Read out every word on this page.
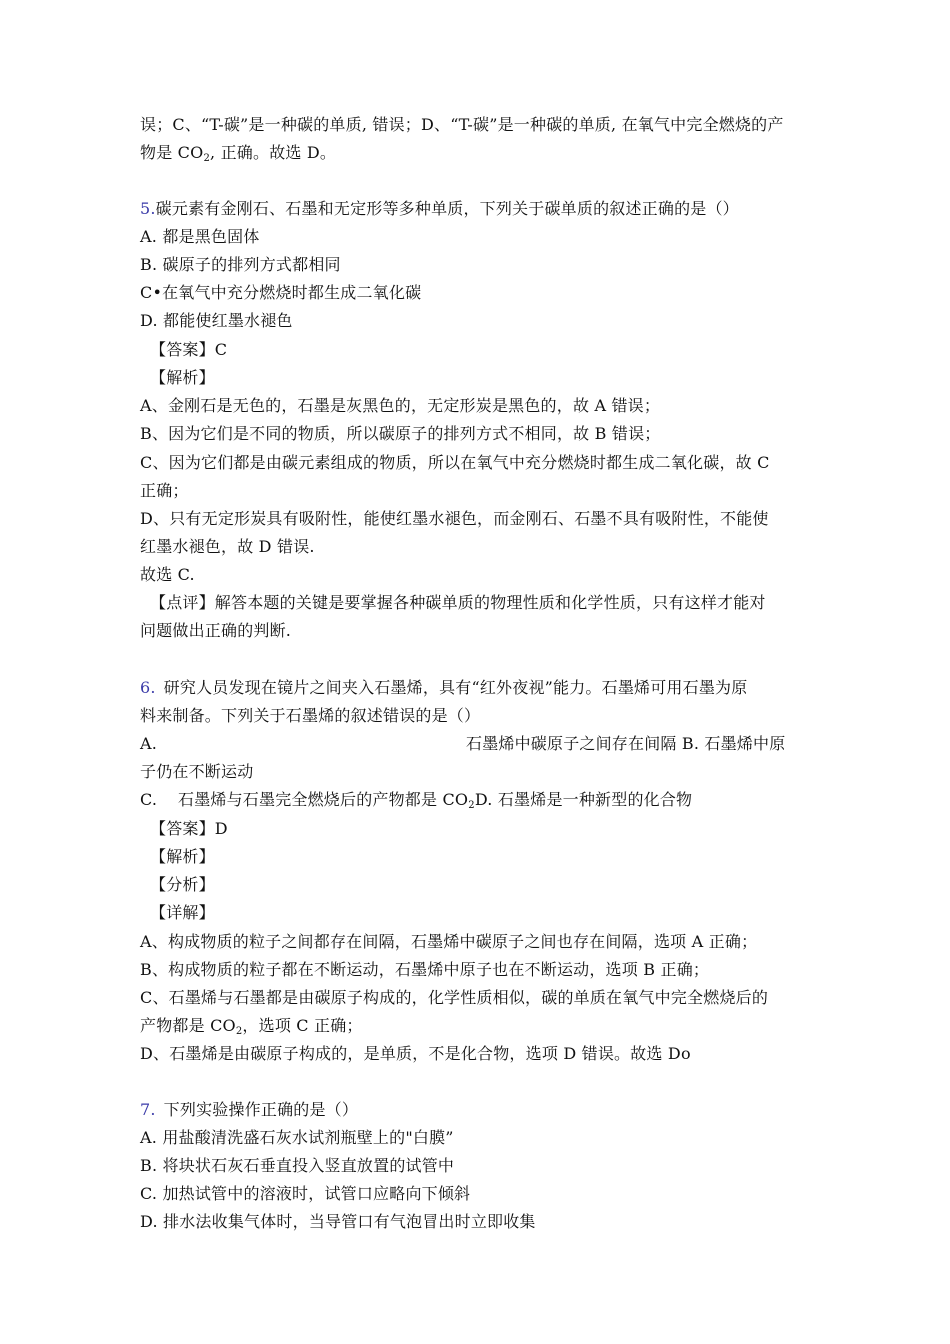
误；C、“T-碳”是一种碳的单质, 错误；D、“T-碳”是一种碳的单质, 在氧气中完全燃烧的产
物是 $CO_2$, 正确。故选 D。
5.碳元素有金刚石、石墨和无定形等多种单质，下列关于碳单质的叙述正确的是（）
A. 都是黑色固体
B. 碳原子的排列方式都相同
C•在氧气中充分燃烧时都生成二氧化碳
D. 都能使红墨水褪色
【答案】C
【解析】
A、金刚石是无色的，石墨是灰黑色的，无定形炭是黑色的，故 A 错误；
B、因为它们是不同的物质，所以碳原子的排列方式不相同，故 B 错误；
C、因为它们都是由碳元素组成的物质，所以在氧气中充分燃烧时都生成二氧化碳，故 C
正确；
D、只有无定形炭具有吸附性，能使红墨水褪色，而金刚石、石墨不具有吸附性，不能使
红墨水褪色，故 D 错误.
故选 C.
【点评】解答本题的关键是要掌握各种碳单质的物理性质和化学性质，只有这样才能对
问题做出正确的判断.
6. 研究人员发现在镜片之间夹入石墨烯，具有“红外夜视”能力。石墨烯可用石墨为原
料来制备。下列关于石墨烯的叙述错误的是（）
A.	石墨烯中碳原子之间存在间隔 B. 石墨烯中原
子仍在不断运动
C.	石墨烯与石墨完全燃烧后的产物都是 $CO_2D$. 石墨烯是一种新型的化合物
【答案】D
【解析】
【分析】
【详解】
A、构成物质的粒子之间都存在间隔，石墨烯中碳原子之间也存在间隔，选项 A 正确；
B、构成物质的粒子都在不断运动，石墨烯中原子也在不断运动，选项 B 正确；
C、石墨烯与石墨都是由碳原子构成的，化学性质相似，碳的单质在氧气中完全燃烧后的
产物都是 $CO_2$，选项 C 正确；
D、石墨烯是由碳原子构成的，是单质，不是化合物，选项 D 错误。故选 Do
7. 下列实验操作正确的是（）
A. 用盐酸清洗盛石灰水试剂瓶壁上的"白膜”
B. 将块状石灰石垂直投入竖直放置的试管中
C. 加热试管中的溶液时，试管口应略向下倾斜
D. 排水法收集气体时，当导管口有气泡冒出时立即收集
